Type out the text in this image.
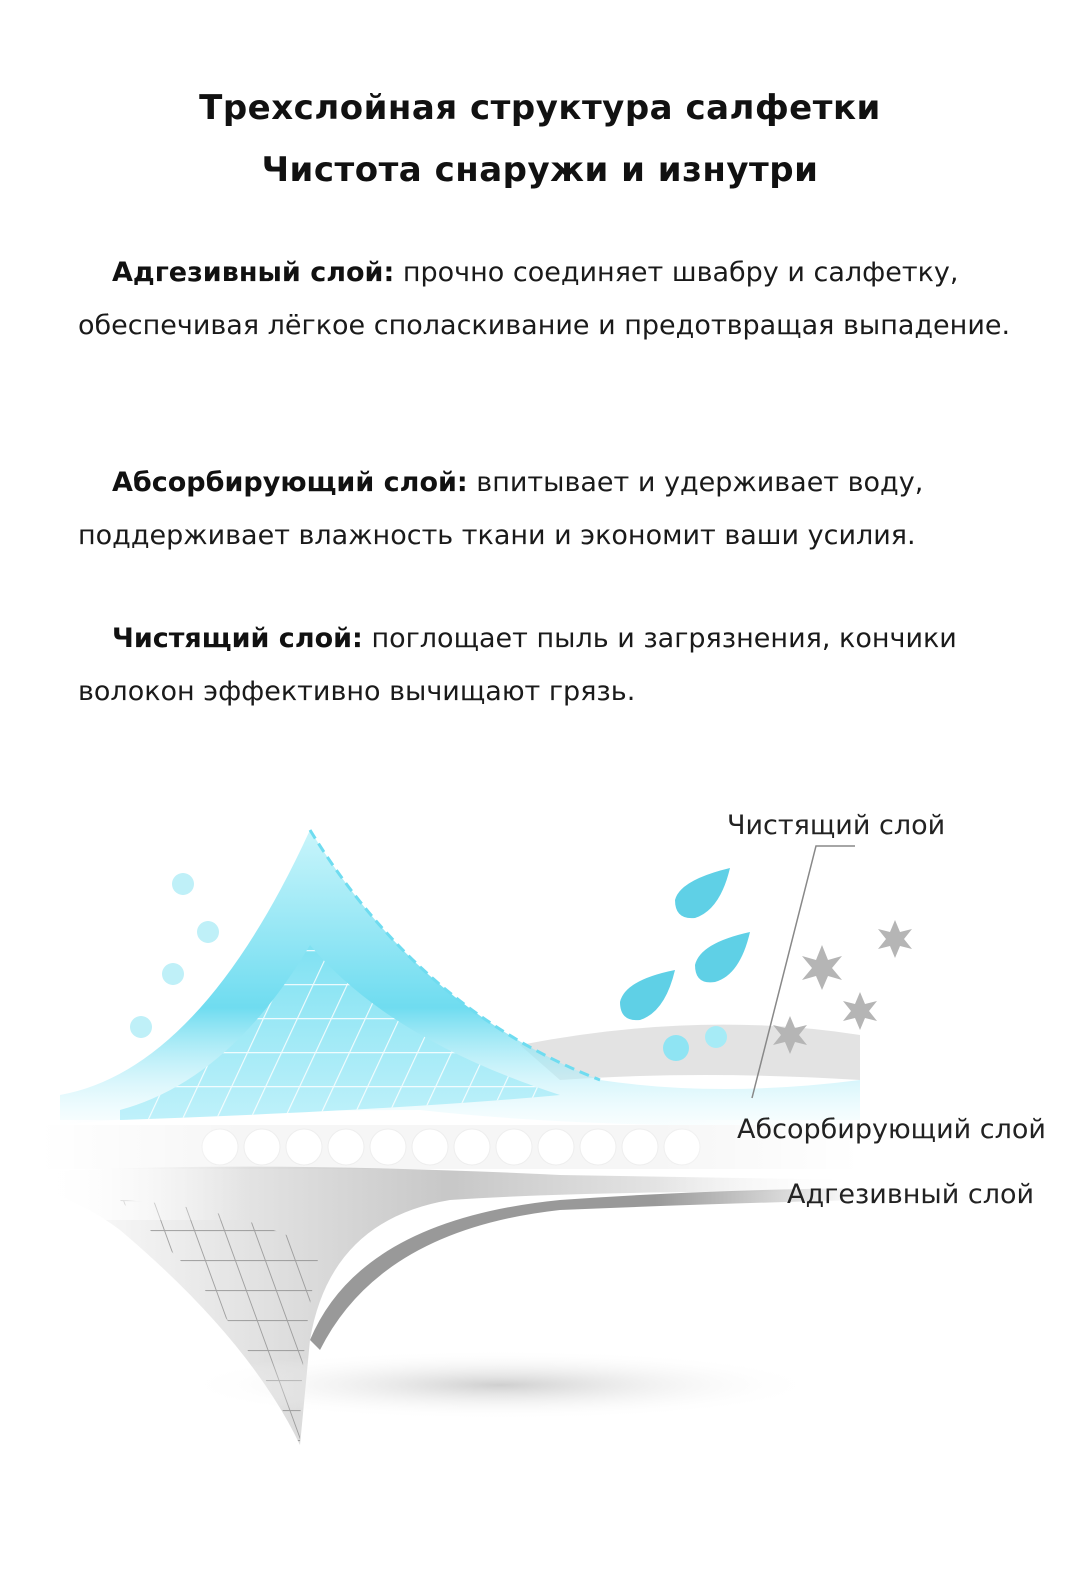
Трехслойная структура салфетки
Чистота снаружи и изнутри

Адгезивный слой: прочно соединяет швабру и салфетку, обеспечивая лёгкое споласкивание и предотвращая выпадение.

Абсорбирующий слой: впитывает и удерживает воду, поддерживает влажность ткани и экономит ваши усилия.

Чистящий слой: поглощает пыль и загрязнения, кончики волокон эффективно вычищают грязь.

Чистящий слой
Абсорбирующий слой
Адгезивный слой
